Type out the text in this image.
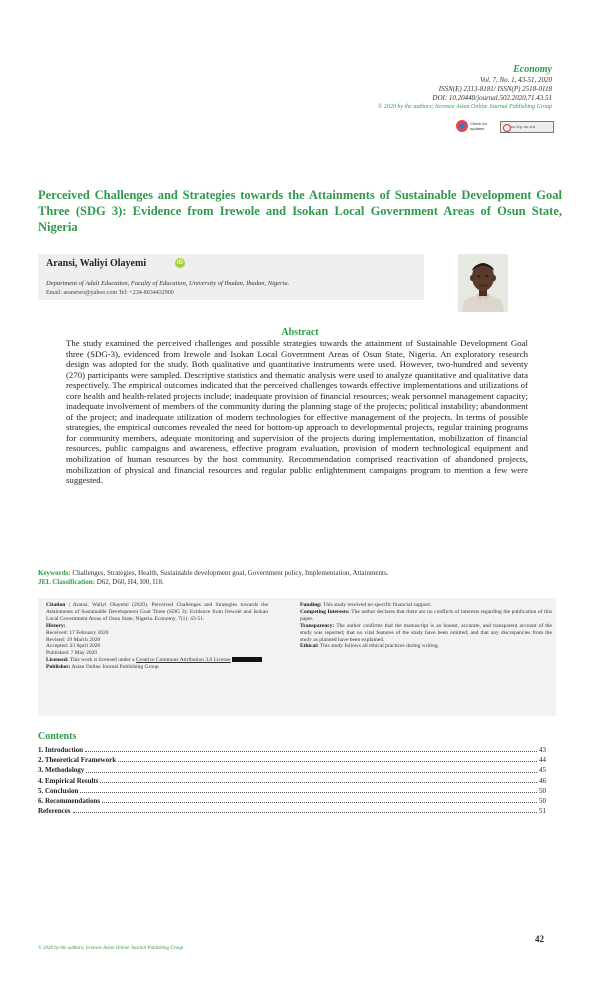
Economy
Vol. 7, No. 1, 43-51, 2020
ISSN(E) 2313-8181/ ISSN(P) 2518-0118
DOI: 10.20448/journal.502.2020.71.43.51
© 2020 by the authors; licensee Asian Online Journal Publishing Group
Check for
updates	cc-by-nc-nd
Perceived Challenges and Strategies towards the Attainments of Sustainable Development Goal Three (SDG 3): Evidence from Irewole and Isokan Local Government Areas of Osun State, Nigeria
Aransi, Waliyi Olayemi	iD
Department of Adult Education, Faculty of Education, University of Ibadan, Ibadan, Nigeria.
Email: aransiwo@yahoo.com Tel: +234-8034432900
Abstract
The study examined the perceived challenges and possible strategies towards the attainment of Sustainable Development Goal three (SDG-3), evidenced from Irewole and Isokan Local Government Areas of Osun State, Nigeria. An exploratory research design was adopted for the study. Both qualitative and quantitative instruments were used. However, two-hundred and seventy (270) participants were sampled. Descriptive statistics and thematic analysis were used to analyze quantitative and qualitative data respectively. The empirical outcomes indicated that the perceived challenges towards effective implementations and utilizations of core health and health-related projects include; inadequate provision of financial resources; weak personnel management capacity; inadequate involvement of members of the community during the planning stage of the projects; political instability; abandonment of the project; and inadequate utilization of modern technologies for effective management of the projects. In terms of possible strategies, the empirical outcomes revealed the need for bottom-up approach to developmental projects, regular training programs for community members, adequate monitoring and supervision of the projects during implementation, mobilization of financial resources, public campaigns and awareness, effective program evaluation, provision of modern technological equipment and mobilization of human resources by the host community. Recommendation comprised reactivation of abandoned projects, mobilization of physical and financial resources and regular public enlightenment campaigns program to mention a few were suggested.
Keywords: Challenges, Strategies, Health, Sustainable development goal, Government policy, Implementation, Attainments.
JEL Classification: D62, D60, H4, I00, I18.
Citation | Aransi, Waliyi Olayemi (2020). Perceived Challenges and Strategies towards the Attainments of Sustainable Development Goal Three (SDG 3): Evidence from Irewole and Isokan Local Government Areas of Osun State, Nigeria. Economy, 7(1): 43-51.
History:
Received: 17 February 2020
Revised: 19 March 2020
Accepted: 23 April 2020
Published: 7 May 2020
Licensed: This work is licensed under a Creative Commons Attribution 3.0 License
Publisher: Asian Online Journal Publishing Group
Funding: This study received no specific financial support.
Competing Interests: The author declares that there are no conflicts of interests regarding the publication of this paper.
Transparency: The author confirms that the manuscript is an honest, accurate, and transparent account of the study was reported; that no vital features of the study have been omitted; and that any discrepancies from the study as planned have been explained.
Ethical: This study follows all ethical practices during writing.
Contents
1. Introduction	43
2. Theoretical Framework	44
3. Methodology	45
4. Empirical Results	46
5. Conclusion	50
6. Recommendations	50
References	51
42
© 2020 by the authors; licensee Asian Online Journal Publishing Group
